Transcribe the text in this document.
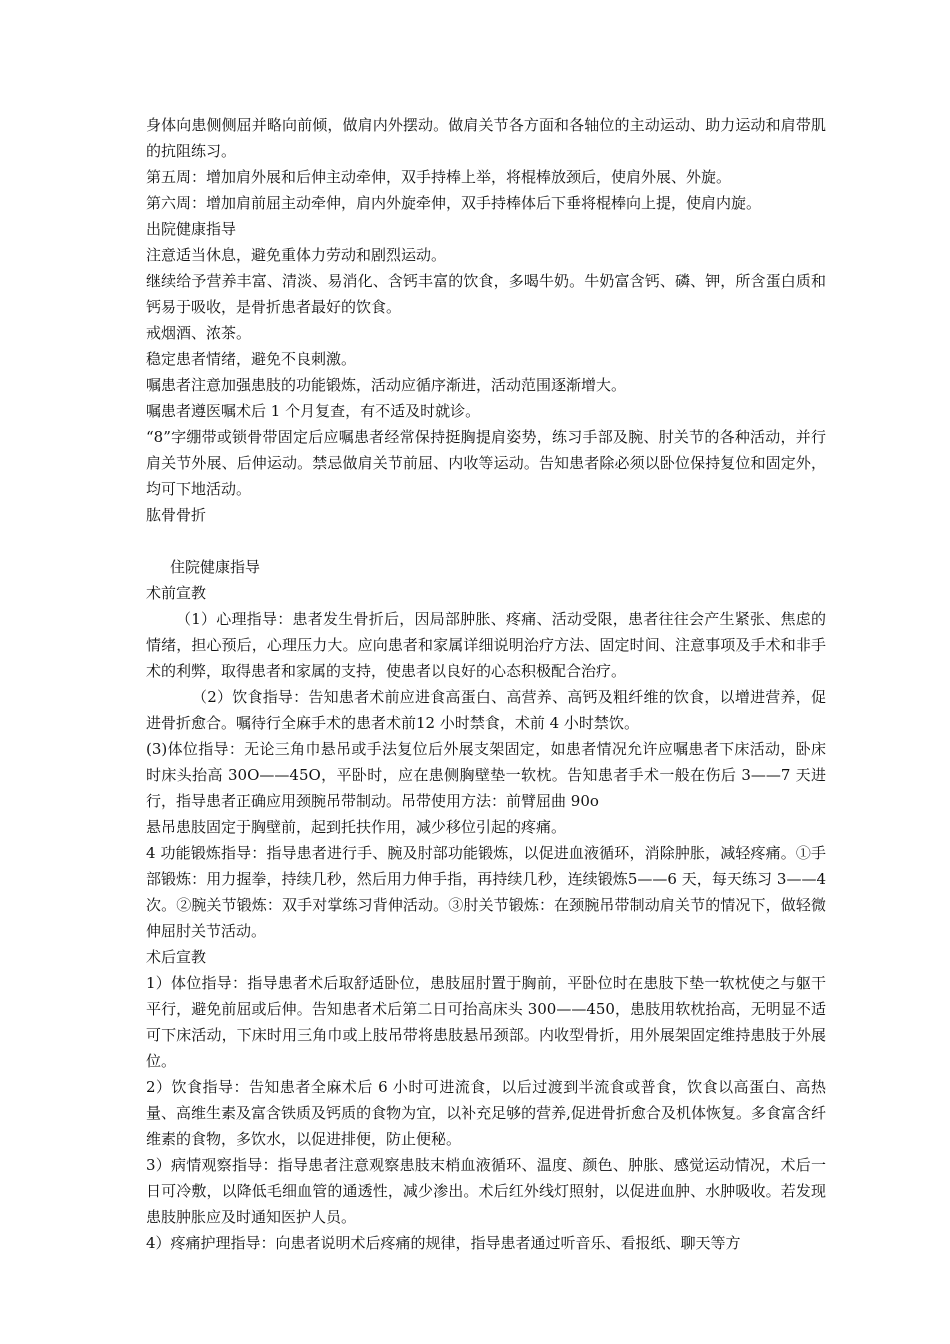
身体向患侧侧屈并略向前倾，做肩内外摆动。做肩关节各方面和各轴位的主动运动、助力运动和肩带肌的抗阻练习。

第五周：增加肩外展和后伸主动牵伸，双手持棒上举，将棍棒放颈后，使肩外展、外旋。

第六周：增加肩前屈主动牵伸，肩内外旋牵伸，双手持棒体后下垂将棍棒向上提，使肩内旋。

出院健康指导

注意适当休息，避免重体力劳动和剧烈运动。

继续给予营养丰富、清淡、易消化、含钙丰富的饮食，多喝牛奶。牛奶富含钙、磷、钾，所含蛋白质和钙易于吸收，是骨折患者最好的饮食。

戒烟酒、浓茶。

稳定患者情绪，避免不良刺激。

嘱患者注意加强患肢的功能锻炼，活动应循序渐进，活动范围逐渐增大。

嘱患者遵医嘱术后 1 个月复查，有不适及时就诊。

“8”字绷带或锁骨带固定后应嘱患者经常保持挺胸提肩姿势，练习手部及腕、肘关节的各种活动，并行肩关节外展、后伸运动。禁忌做肩关节前屈、内收等运动。告知患者除必须以卧位保持复位和固定外，均可下地活动。

肱骨骨折

住院健康指导

术前宣教

（1）心理指导：患者发生骨折后，因局部肿胀、疼痛、活动受限，患者往往会产生紧张、焦虑的情绪，担心预后，心理压力大。应向患者和家属详细说明治疗方法、固定时间、注意事项及手术和非手术的利弊，取得患者和家属的支持，使患者以良好的心态积极配合治疗。

（2）饮食指导：告知患者术前应进食高蛋白、高营养、高钙及粗纤维的饮食，以增进营养，促进骨折愈合。嘱待行全麻手术的患者术前12 小时禁食，术前 4 小时禁饮。

(3)体位指导：无论三角巾悬吊或手法复位后外展支架固定，如患者情况允许应嘱患者下床活动，卧床时床头抬高 30O——45O，平卧时，应在患侧胸壁垫一软枕。告知患者手术一般在伤后 3——7 天进行，指导患者正确应用颈腕吊带制动。吊带使用方法：前臂屈曲 90o

悬吊患肢固定于胸壁前，起到托扶作用，减少移位引起的疼痛。

4 功能锻炼指导：指导患者进行手、腕及肘部功能锻炼，以促进血液循环，消除肿胀，减轻疼痛。①手部锻炼：用力握拳，持续几秒，然后用力伸手指，再持续几秒，连续锻炼5——6 天，每天练习 3——4 次。②腕关节锻炼：双手对掌练习背伸活动。③肘关节锻炼：在颈腕吊带制动肩关节的情况下，做轻微伸屈肘关节活动。

术后宣教

1）体位指导：指导患者术后取舒适卧位，患肢屈肘置于胸前，平卧位时在患肢下垫一软枕使之与躯干平行，避免前屈或后伸。告知患者术后第二日可抬高床头 300——450，患肢用软枕抬高，无明显不适可下床活动，下床时用三角巾或上肢吊带将患肢悬吊颈部。内收型骨折，用外展架固定维持患肢于外展位。

2）饮食指导：告知患者全麻术后 6 小时可进流食，以后过渡到半流食或普食，饮食以高蛋白、高热量、高维生素及富含铁质及钙质的食物为宜，以补充足够的营养,促进骨折愈合及机体恢复。多食富含纤维素的食物，多饮水，以促进排便，防止便秘。

3）病情观察指导：指导患者注意观察患肢末梢血液循环、温度、颜色、肿胀、感觉运动情况，术后一日可冷敷，以降低毛细血管的通透性，减少渗出。术后红外线灯照射，以促进血肿、水肿吸收。若发现患肢肿胀应及时通知医护人员。

4）疼痛护理指导：向患者说明术后疼痛的规律，指导患者通过听音乐、看报纸、聊天等方
